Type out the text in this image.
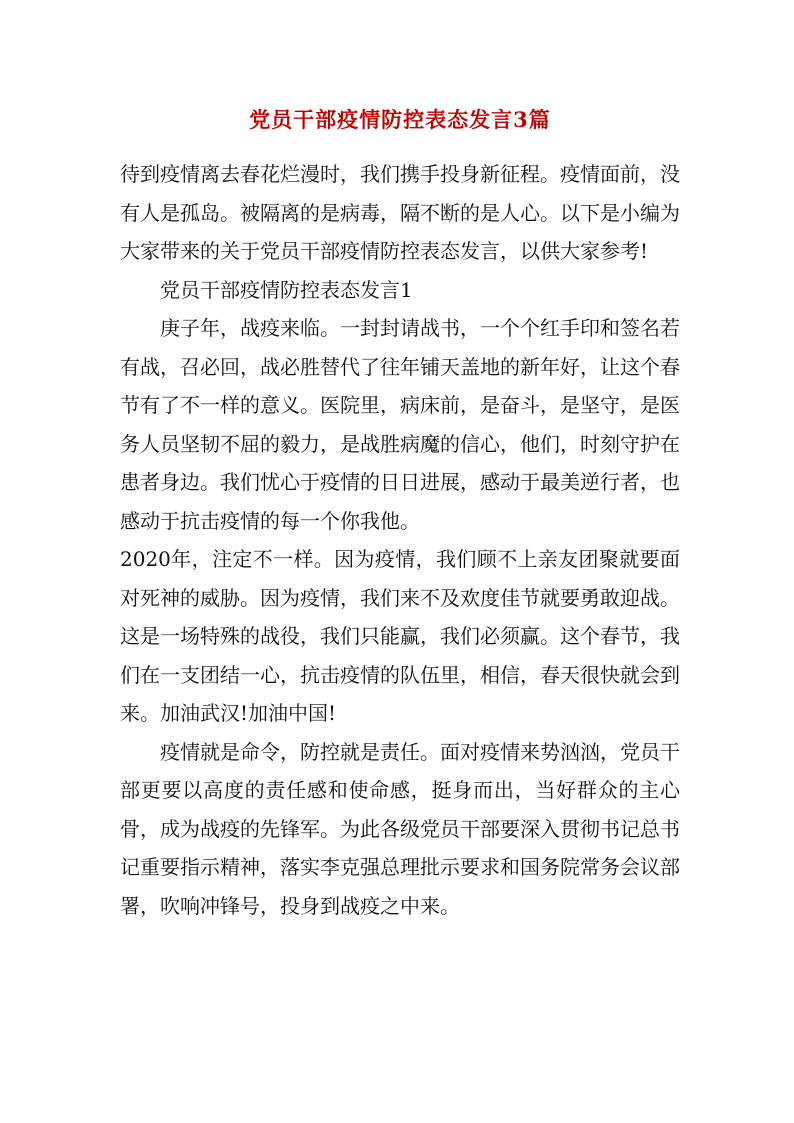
党员干部疫情防控表态发言3篇

待到疫情离去春花烂漫时，我们携手投身新征程。疫情面前，没有人是孤岛。被隔离的是病毒，隔不断的是人心。以下是小编为大家带来的关于党员干部疫情防控表态发言，以供大家参考!

党员干部疫情防控表态发言1

庚子年，战疫来临。一封封请战书，一个个红手印和签名若有战，召必回，战必胜替代了往年铺天盖地的新年好，让这个春节有了不一样的意义。医院里，病床前，是奋斗，是坚守，是医务人员坚韧不屈的毅力，是战胜病魔的信心，他们，时刻守护在患者身边。我们忧心于疫情的日日进展，感动于最美逆行者，也感动于抗击疫情的每一个你我他。

2020年，注定不一样。因为疫情，我们顾不上亲友团聚就要面对死神的威胁。因为疫情，我们来不及欢度佳节就要勇敢迎战。这是一场特殊的战役，我们只能赢，我们必须赢。这个春节，我们在一支团结一心，抗击疫情的队伍里，相信，春天很快就会到来。加油武汉!加油中国!

疫情就是命令，防控就是责任。面对疫情来势汹汹，党员干部更要以高度的责任感和使命感，挺身而出，当好群众的主心骨，成为战疫的先锋军。为此各级党员干部要深入贯彻书记总书记重要指示精神，落实李克强总理批示要求和国务院常务会议部署，吹响冲锋号，投身到战疫之中来。
